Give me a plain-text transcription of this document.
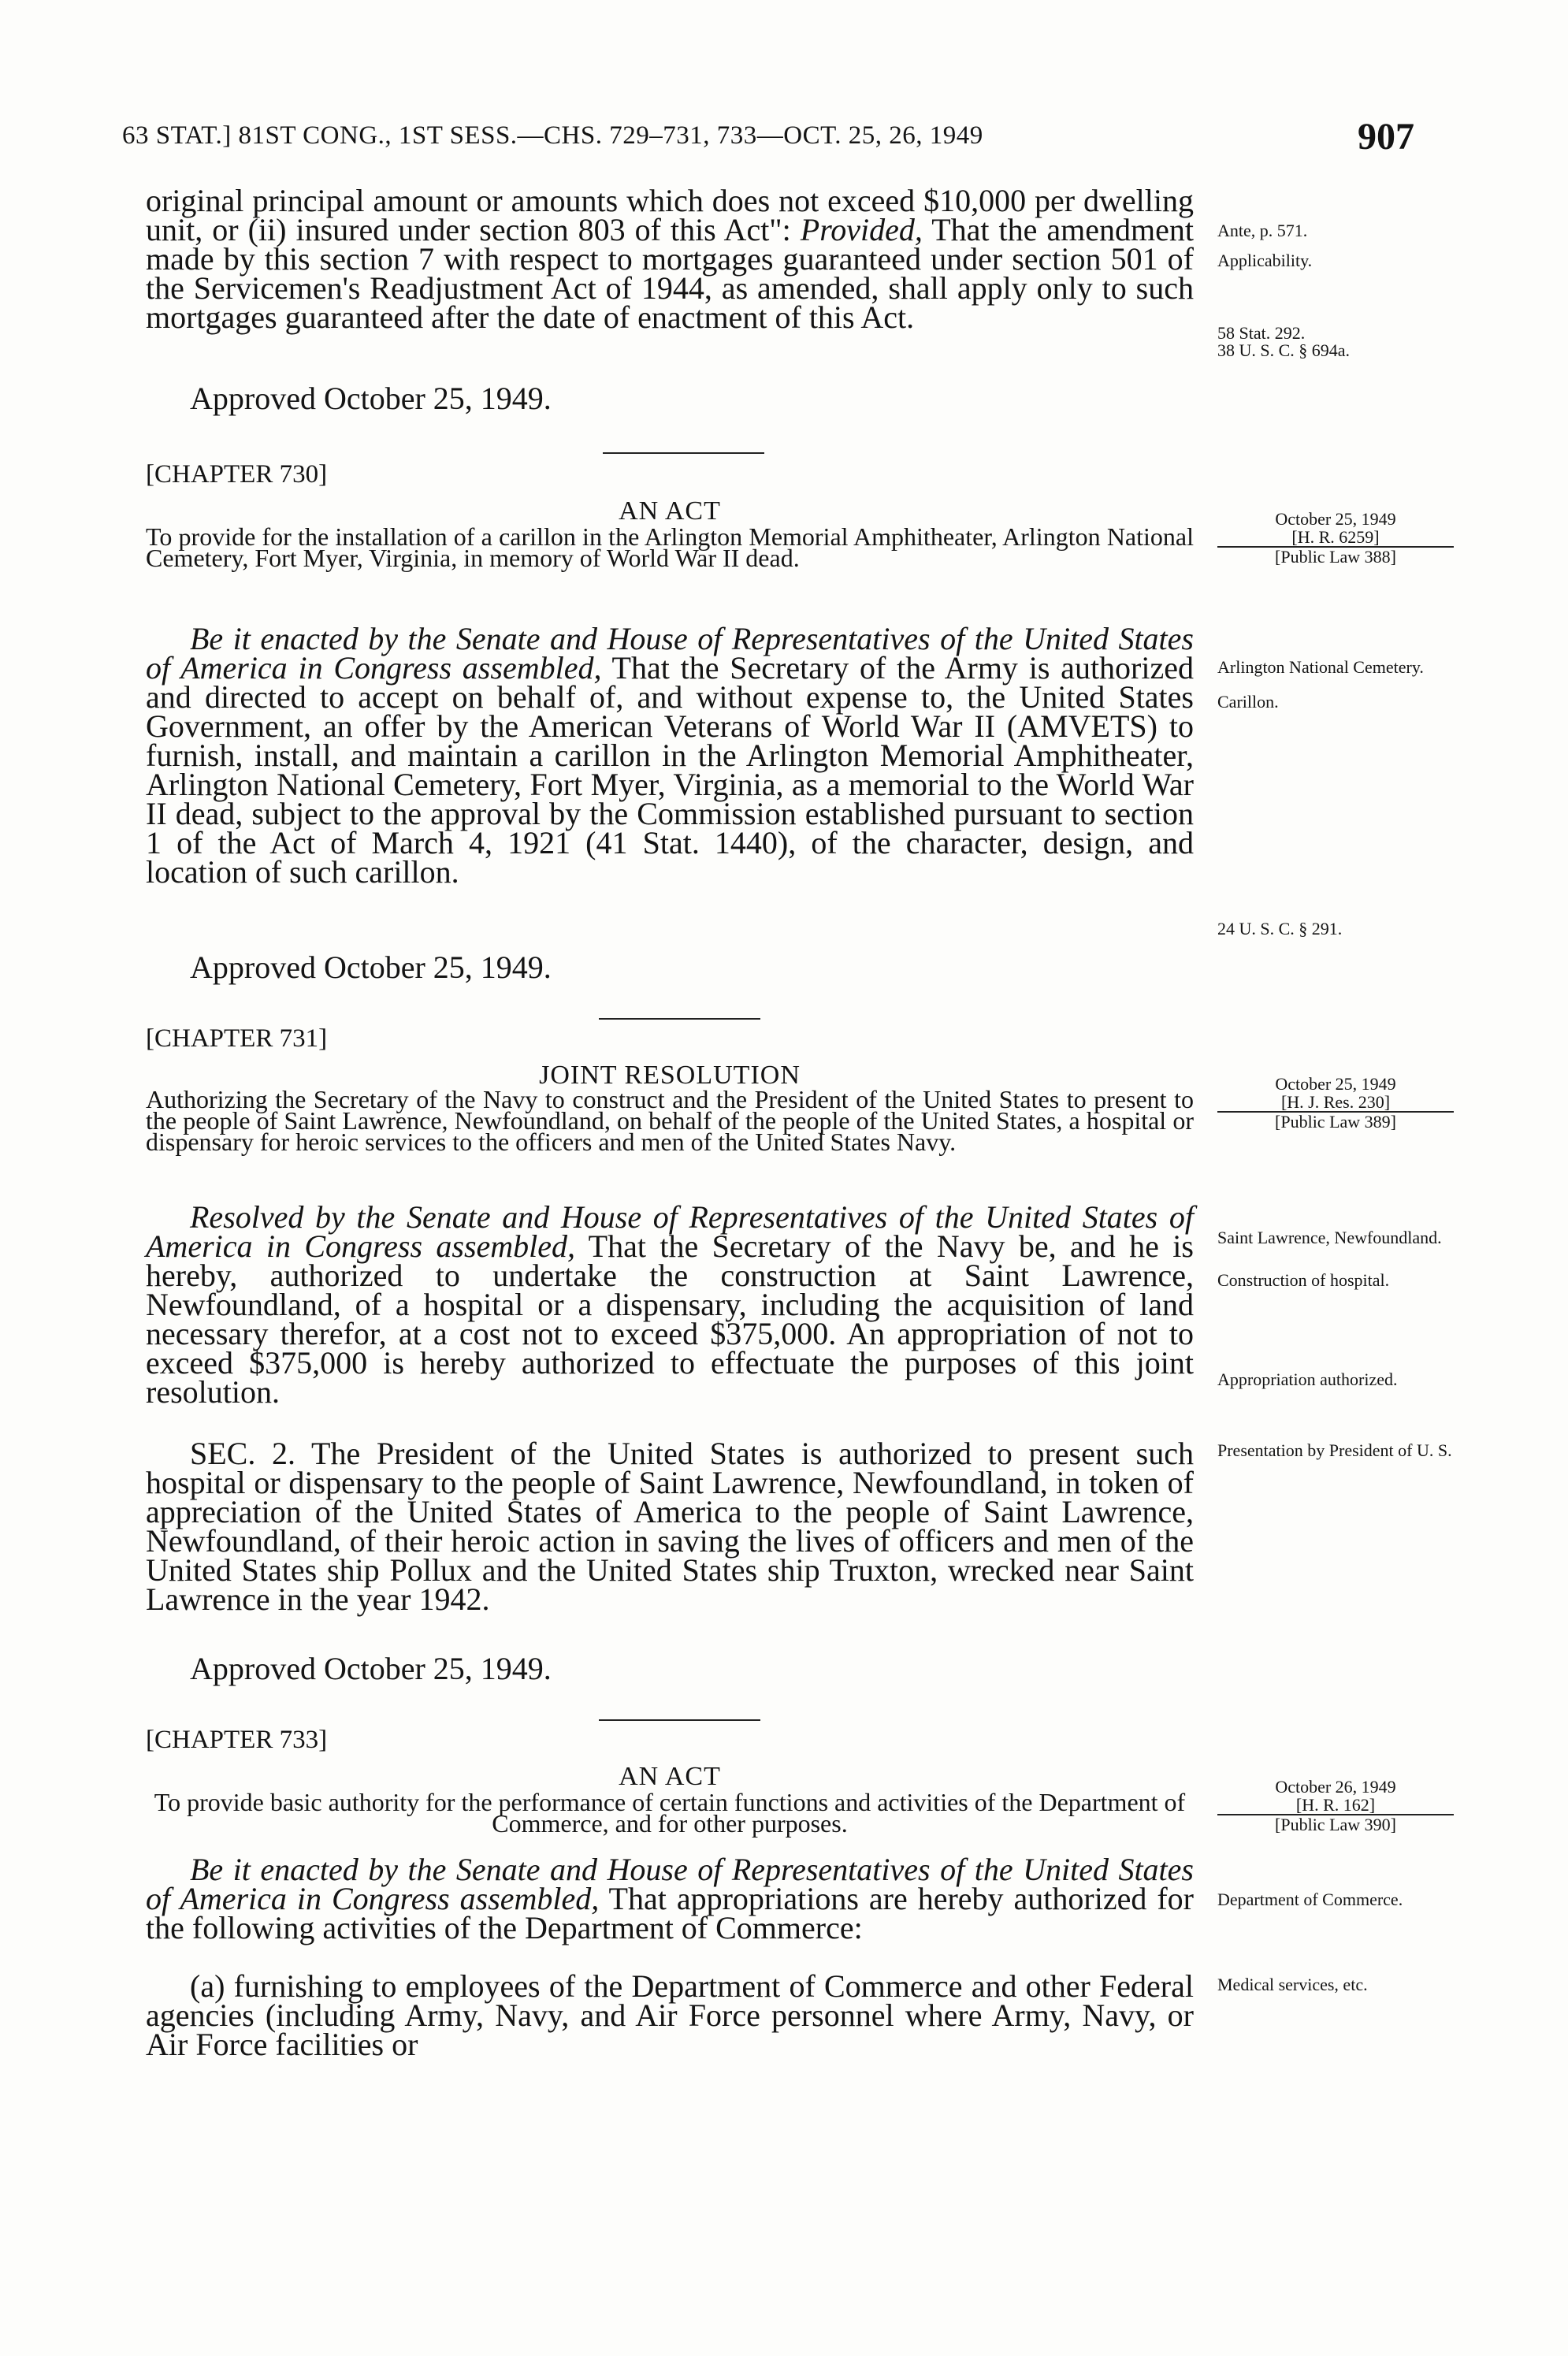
63 STAT.] 81ST CONG., 1ST SESS.—CHS. 729–731, 733—OCT. 25, 26, 1949	907
original principal amount or amounts which does not exceed $10,000 per dwelling unit, or (ii) insured under section 803 of this Act": Provided, That the amendment made by this section 7 with respect to mortgages guaranteed under section 501 of the Servicemen's Readjustment Act of 1944, as amended, shall apply only to such mortgages guaranteed after the date of enactment of this Act.
Approved October 25, 1949.
Ante, p. 571.
Applicability.
58 Stat. 292.
38 U. S. C. § 694a.
[CHAPTER 730]
AN ACT
To provide for the installation of a carillon in the Arlington Memorial Amphitheater, Arlington National Cemetery, Fort Myer, Virginia, in memory of World War II dead.
October 25, 1949
[H. R. 6259]
[Public Law 388]
Be it enacted by the Senate and House of Representatives of the United States of America in Congress assembled, That the Secretary of the Army is authorized and directed to accept on behalf of, and without expense to, the United States Government, an offer by the American Veterans of World War II (AMVETS) to furnish, install, and maintain a carillon in the Arlington Memorial Amphitheater, Arlington National Cemetery, Fort Myer, Virginia, as a memorial to the World War II dead, subject to the approval by the Commission established pursuant to section 1 of the Act of March 4, 1921 (41 Stat. 1440), of the character, design, and location of such carillon.
Approved October 25, 1949.
Arlington National Cemetery.
Carillon.
24 U. S. C. § 291.
[CHAPTER 731]
JOINT RESOLUTION
Authorizing the Secretary of the Navy to construct and the President of the United States to present to the people of Saint Lawrence, Newfoundland, on behalf of the people of the United States, a hospital or dispensary for heroic services to the officers and men of the United States Navy.
October 25, 1949
[H. J. Res. 230]
[Public Law 389]
Resolved by the Senate and House of Representatives of the United States of America in Congress assembled, That the Secretary of the Navy be, and he is hereby, authorized to undertake the construction at Saint Lawrence, Newfoundland, of a hospital or a dispensary, including the acquisition of land necessary therefor, at a cost not to exceed $375,000. An appropriation of not to exceed $375,000 is hereby authorized to effectuate the purposes of this joint resolution.
SEC. 2. The President of the United States is authorized to present such hospital or dispensary to the people of Saint Lawrence, Newfoundland, in token of appreciation of the United States of America to the people of Saint Lawrence, Newfoundland, of their heroic action in saving the lives of officers and men of the United States ship Pollux and the United States ship Truxton, wrecked near Saint Lawrence in the year 1942.
Approved October 25, 1949.
Saint Lawrence, Newfoundland.
Construction of hospital.
Appropriation authorized.
Presentation by President of U. S.
[CHAPTER 733]
AN ACT
To provide basic authority for the performance of certain functions and activities of the Department of Commerce, and for other purposes.
October 26, 1949
[H. R. 162]
[Public Law 390]
Be it enacted by the Senate and House of Representatives of the United States of America in Congress assembled, That appropriations are hereby authorized for the following activities of the Department of Commerce:
(a) furnishing to employees of the Department of Commerce and other Federal agencies (including Army, Navy, and Air Force personnel where Army, Navy, or Air Force facilities or
Department of Commerce.
Medical services, etc.
